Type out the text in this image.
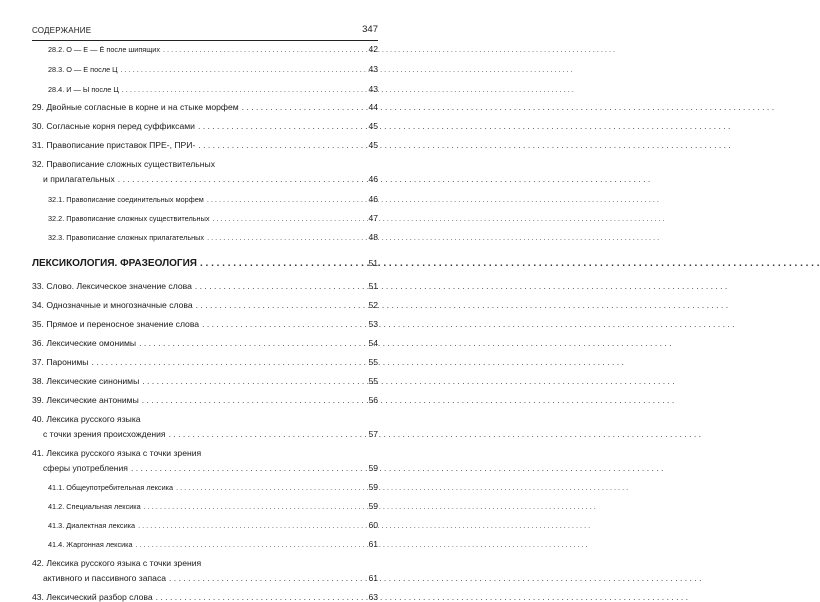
СОДЕРЖАНИЕ	347
28.2. О — Е — Ё после шипящих . . .	42
28.3. О — Е после Ц . . .	43
28.4. И — Ы после Ц . . .	43
29. Двойные согласные в корне и на стыке морфем . . .	44
30. Согласные корня перед суффиксами . . .	45
31. Правописание приставок ПРЕ-, ПРИ- . . .	45
32. Правописание сложных существительных
и прилагательных . . .	46
32.1. Правописание соединительных морфем . . .	46
32.2. Правописание сложных существительных . . .	47
32.3. Правописание сложных прилагательных . . .	48
ЛЕКСИКОЛОГИЯ. ФРАЗЕОЛОГИЯ . . .	51
33. Слово. Лексическое значение слова . . .	51
34. Однозначные и многозначные слова . . .	52
35. Прямое и переносное значение слова . . .	53
36. Лексические омонимы . . .	54
37. Паронимы . . .	55
38. Лексические синонимы . . .	55
39. Лексические антонимы . . .	56
40. Лексика русского языка
с точки зрения происхождения . . .	57
41. Лексика русского языка с точки зрения
сферы употребления . . .	59
41.1. Общеупотребительная лексика . . .	59
41.2. Специальная лексика . . .	59
41.3. Диалектная лексика . . .	60
41.4. Жаргонная лексика . . .	61
42. Лексика русского языка с точки зрения
активного и пассивного запаса . . .	61
43. Лексический разбор слова . . .	63
